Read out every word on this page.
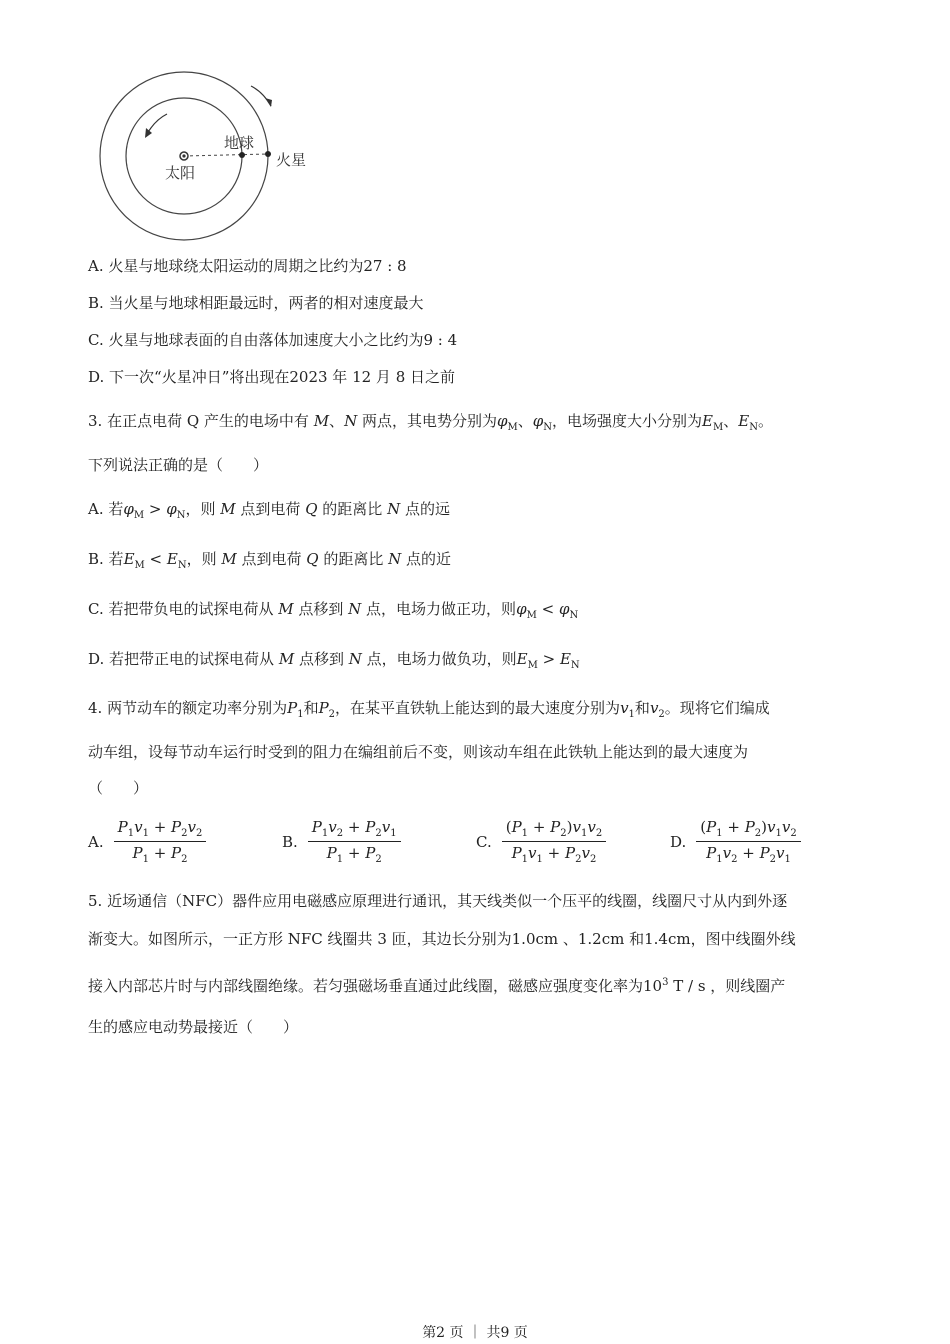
地球
火星
太阳
A. 火星与地球绕太阳运动的周期之比约为27 : 8
B. 当火星与地球相距最远时，两者的相对速度最大
C. 火星与地球表面的自由落体加速度大小之比约为9 : 4
D. 下一次“火星冲日”将出现在2023 年 12 月 8 日之前
3. 在正点电荷 Q 产生的电场中有 M、N 两点，其电势分别为$\varphi_M$、$\varphi_N$，电场强度大小分别为$E_M$、$E_N$。
下列说法正确的是（　　）
A. 若$\varphi_M > \varphi_N$，则 M 点到电荷 Q 的距离比 N 点的远
B. 若$E_M < E_N$，则 M 点到电荷 Q 的距离比 N 点的近
C. 若把带负电的试探电荷从 M 点移到 N 点，电场力做正功，则$\varphi_M < \varphi_N$
D. 若把带正电的试探电荷从 M 点移到 N 点，电场力做负功，则$E_M > E_N$
4. 两节动车的额定功率分别为$P_1$和$P_2$，在某平直铁轨上能达到的最大速度分别为$v_1$和$v_2$。现将它们编成
动车组，设每节动车运行时受到的阻力在编组前后不变，则该动车组在此铁轨上能达到的最大速度为
（　　）
A. $\frac{P_1v_1 + P_2v_2}{P_1 + P_2}$	B. $\frac{P_1v_2 + P_2v_1}{P_1 + P_2}$	C. $\frac{(P_1 + P_2)v_1v_2}{P_1v_1 + P_2v_2}$	D. $\frac{(P_1 + P_2)v_1v_2}{P_1v_2 + P_2v_1}$
5. 近场通信（NFC）器件应用电磁感应原理进行通讯，其天线类似一个压平的线圈，线圈尺寸从内到外逐
渐变大。如图所示，一正方形 NFC 线圈共 3 匝，其边长分别为1.0cm 、1.2cm 和1.4cm，图中线圈外线
接入内部芯片时与内部线圈绝缘。若匀强磁场垂直通过此线圈，磁感应强度变化率为$10^3$ T / s ，则线圈产
生的感应电动势最接近（　　）
第2 页 ｜ 共9 页
